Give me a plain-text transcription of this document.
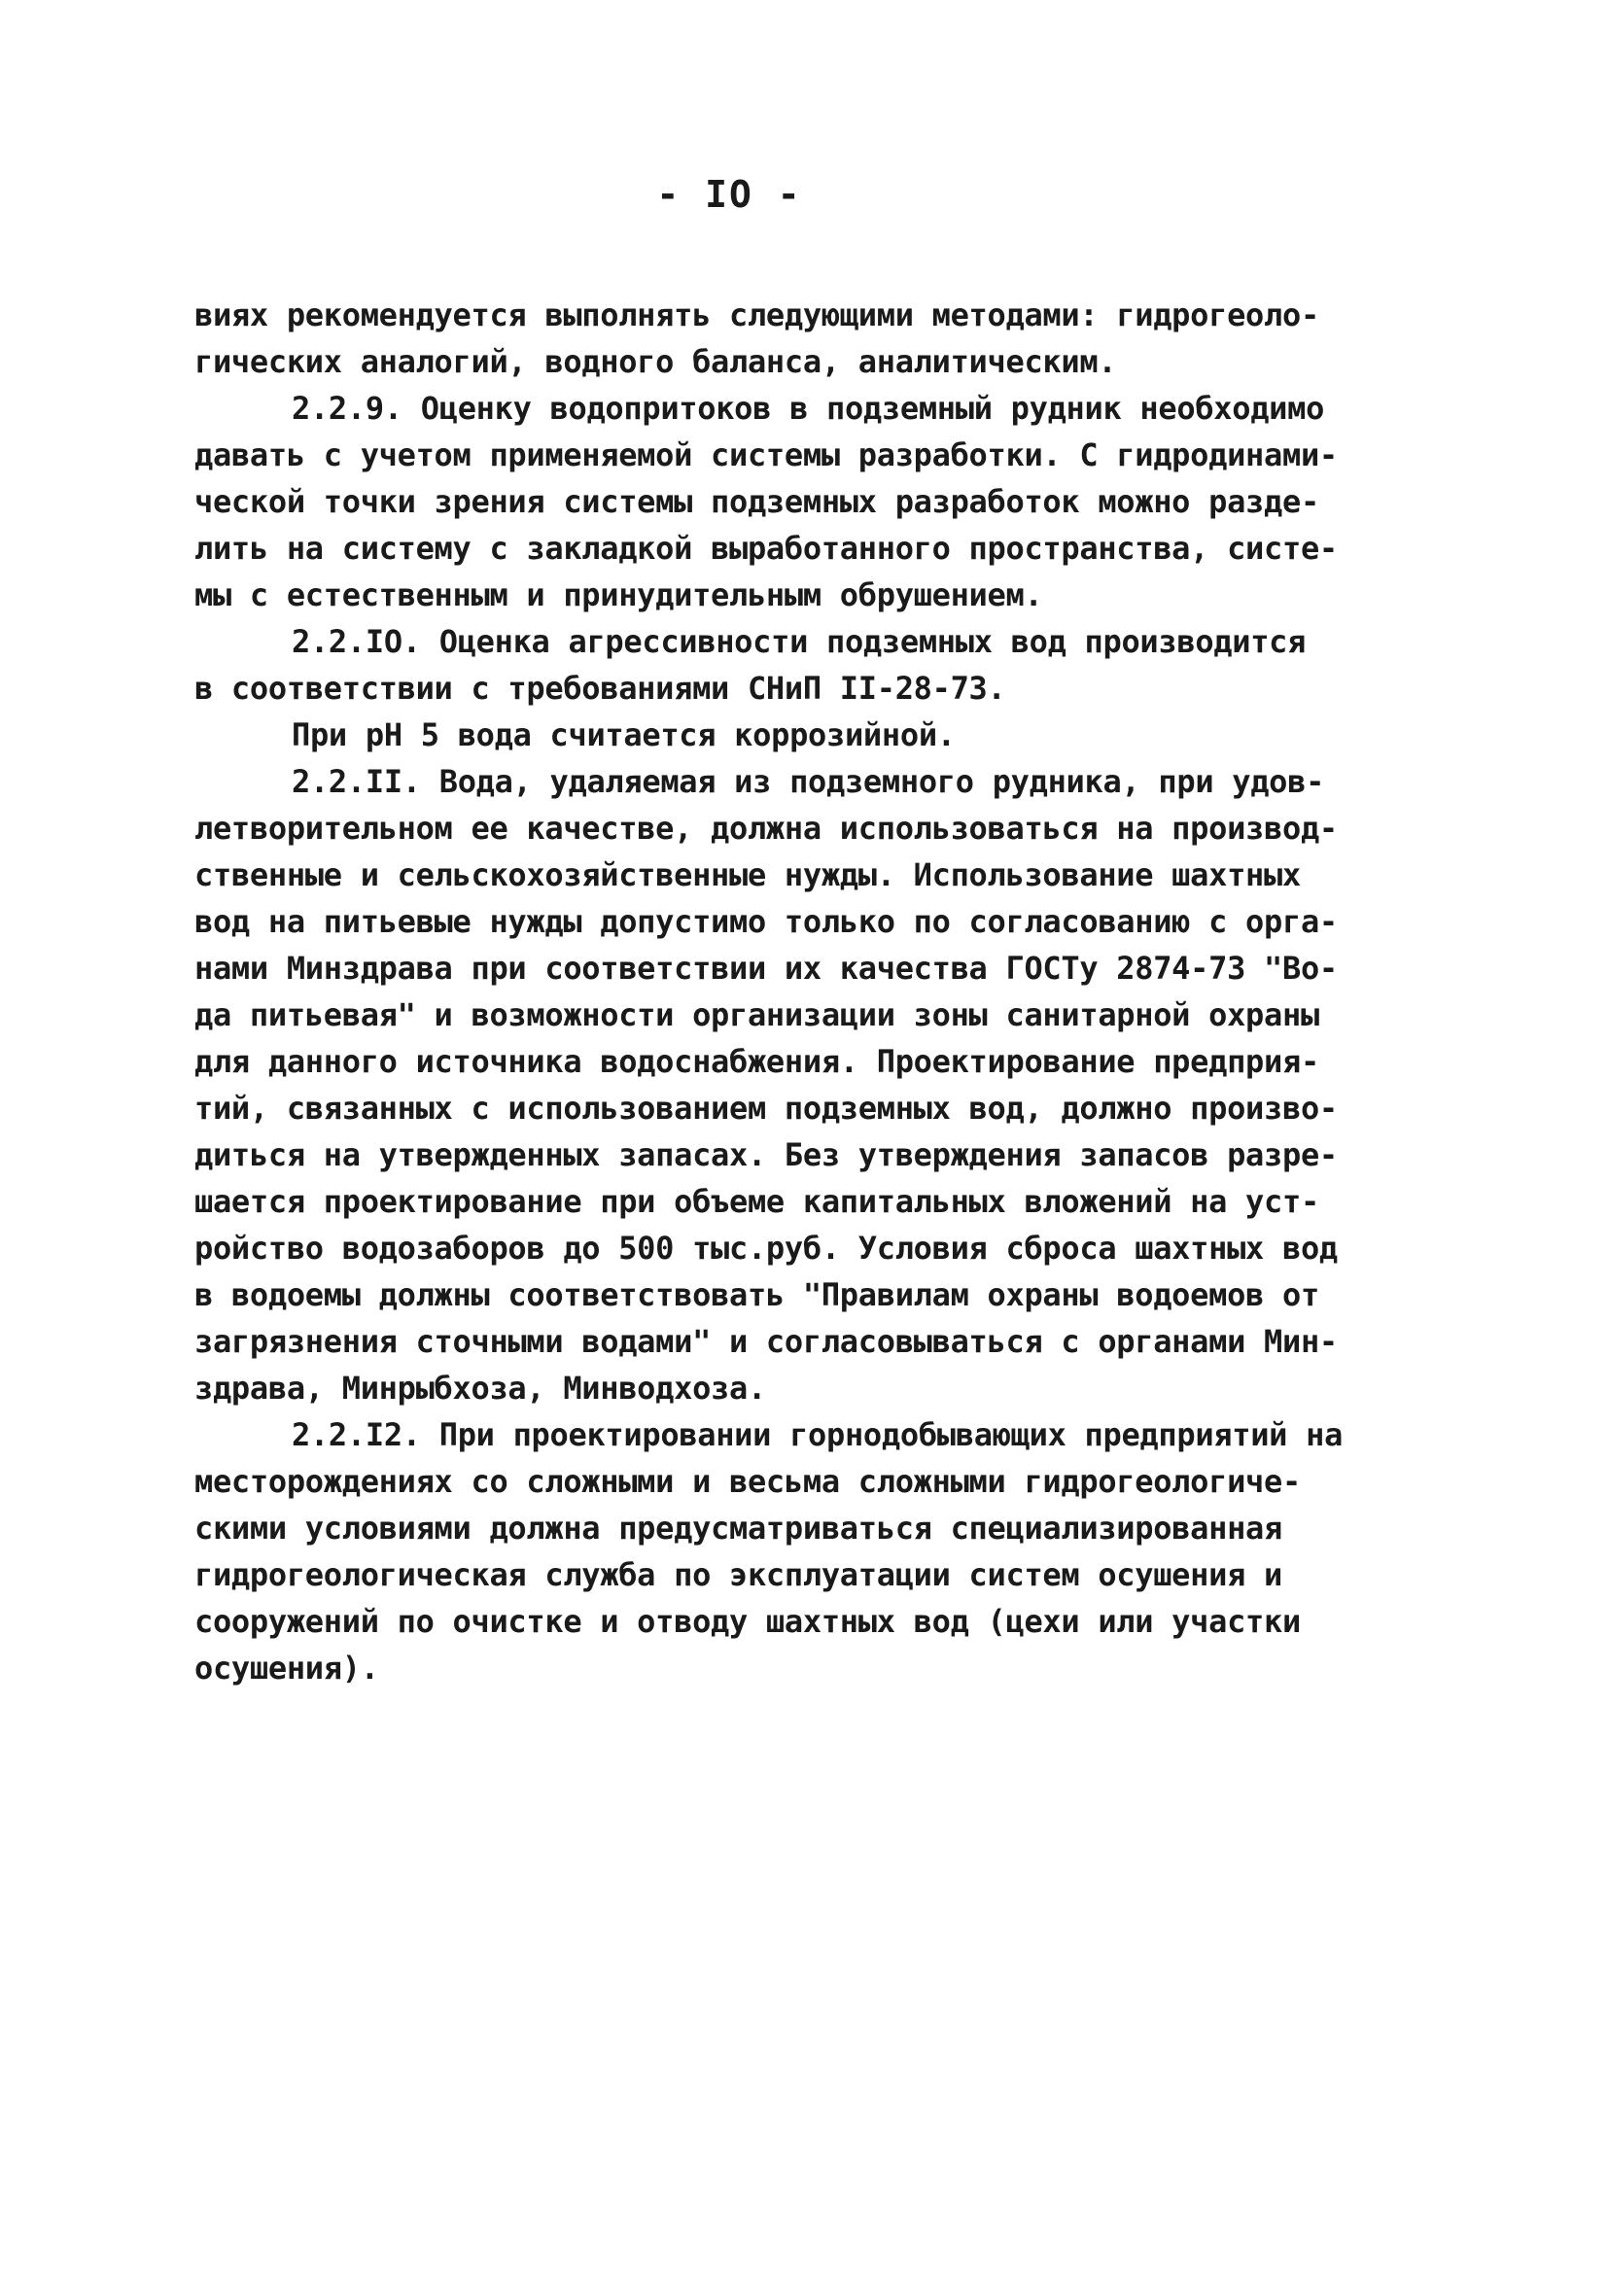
- IO -
виях рекомендуется выполнять следующими методами: гидрогеоло-
гических аналогий, водного баланса, аналитическим.
2.2.9. Оценку водопритоков в подземный рудник необходимо
давать с учетом применяемой системы разработки. С гидродинами-
ческой точки зрения системы подземных разработок можно разде-
лить на систему с закладкой выработанного пространства, систе-
мы с естественным и принудительным обрушением.
2.2.IO. Оценка агрессивности подземных вод производится
в соответствии с требованиями СНиП II-28-73.
При pH 5 вода считается коррозийной.
2.2.II. Вода, удаляемая из подземного рудника, при удов-
летворительном ее качестве, должна использоваться на производ-
ственные и сельскохозяйственные нужды. Использование шахтных
вод на питьевые нужды допустимо только по согласованию с орга-
нами Минздрава при соответствии их качества ГОСТу 2874-73 "Во-
да питьевая" и возможности организации зоны санитарной охраны
для данного источника водоснабжения. Проектирование предприя-
тий, связанных с использованием подземных вод, должно произво-
диться на утвержденных запасах. Без утверждения запасов разре-
шается проектирование при объеме капитальных вложений на уст-
ройство водозаборов до 500 тыс.руб. Условия сброса шахтных вод
в водоемы должны соответствовать "Правилам охраны водоемов от
загрязнения сточными водами" и согласовываться с органами Мин-
здрава, Минрыбхоза, Минводхоза.
2.2.I2. При проектировании горнодобывающих предприятий на
месторождениях со сложными и весьма сложными гидрогеологиче-
скими условиями должна предусматриваться специализированная
гидрогеологическая служба по эксплуатации систем осушения и
сооружений по очистке и отводу шахтных вод (цехи или участки
осушения).
